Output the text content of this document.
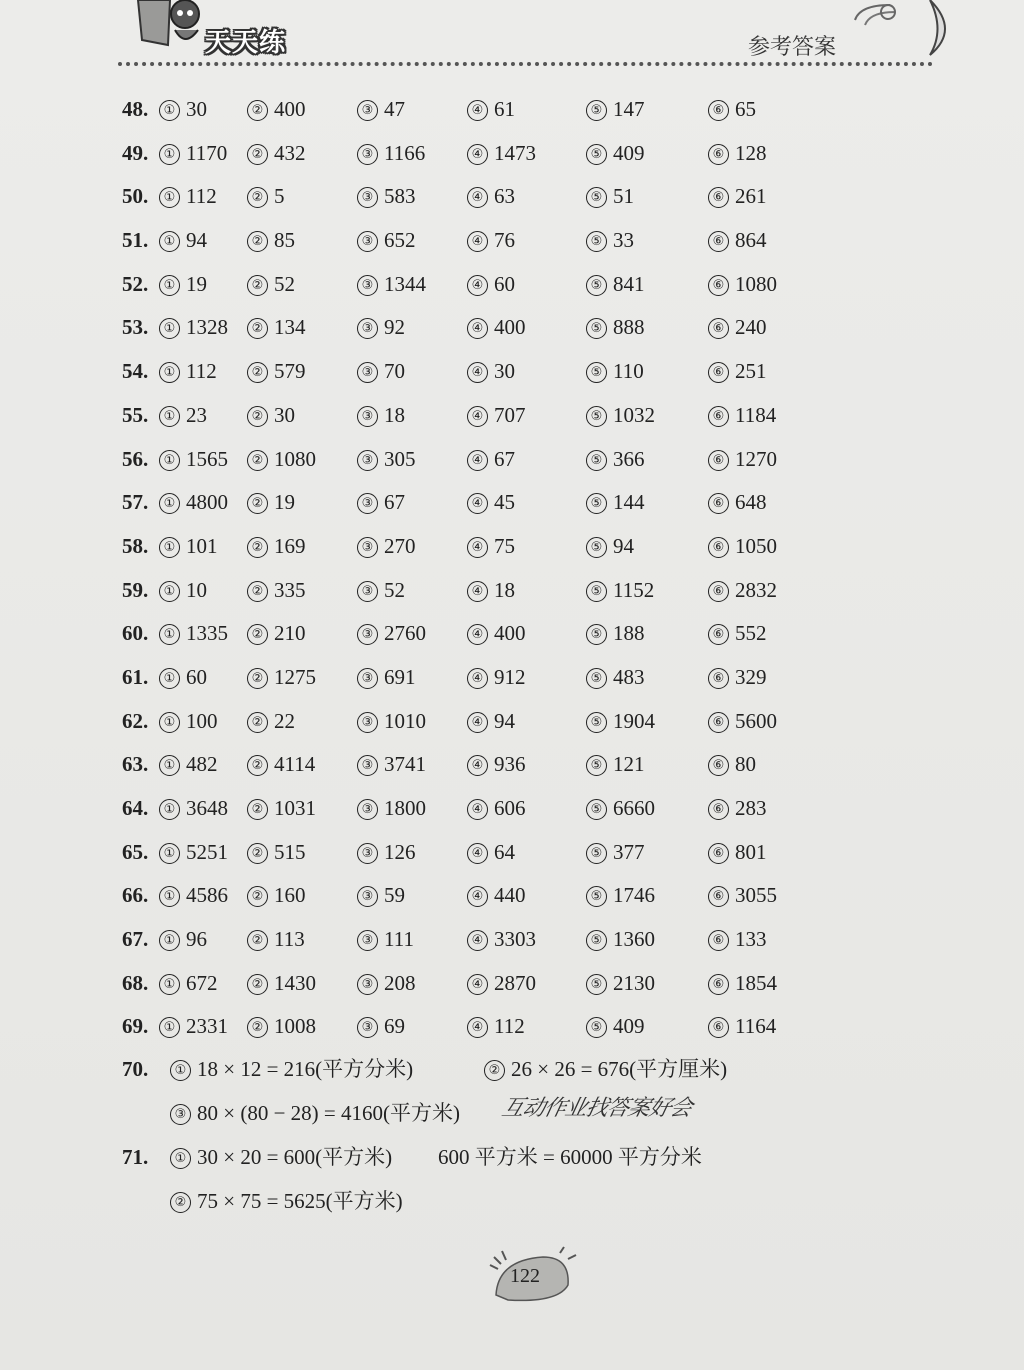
天天练	参考答案
48.	① 30	② 400	③ 47	④ 61	⑤ 147	⑥ 65
49.	① 1170	② 432	③ 1166	④ 1473	⑤ 409	⑥ 128
50.	① 112	② 5	③ 583	④ 63	⑤ 51	⑥ 261
51.	① 94	② 85	③ 652	④ 76	⑤ 33	⑥ 864
52.	① 19	② 52	③ 1344	④ 60	⑤ 841	⑥ 1080
53.	① 1328	② 134	③ 92	④ 400	⑤ 888	⑥ 240
54.	① 112	② 579	③ 70	④ 30	⑤ 110	⑥ 251
55.	① 23	② 30	③ 18	④ 707	⑤ 1032	⑥ 1184
56.	① 1565	② 1080	③ 305	④ 67	⑤ 366	⑥ 1270
57.	① 4800	② 19	③ 67	④ 45	⑤ 144	⑥ 648
58.	① 101	② 169	③ 270	④ 75	⑤ 94	⑥ 1050
59.	① 10	② 335	③ 52	④ 18	⑤ 1152	⑥ 2832
60.	① 1335	② 210	③ 2760	④ 400	⑤ 188	⑥ 552
61.	① 60	② 1275	③ 691	④ 912	⑤ 483	⑥ 329
62.	① 100	② 22	③ 1010	④ 94	⑤ 1904	⑥ 5600
63.	① 482	② 4114	③ 3741	④ 936	⑤ 121	⑥ 80
64.	① 3648	② 1031	③ 1800	④ 606	⑤ 6660	⑥ 283
65.	① 5251	② 515	③ 126	④ 64	⑤ 377	⑥ 801
66.	① 4586	② 160	③ 59	④ 440	⑤ 1746	⑥ 3055
67.	① 96	② 113	③ 111	④ 3303	⑤ 1360	⑥ 133
68.	① 672	② 1430	③ 208	④ 2870	⑤ 2130	⑥ 1854
69.	① 2331	② 1008	③ 69	④ 112	⑤ 409	⑥ 1164
70.	① 18 × 12 = 216(平方分米)	② 26 × 26 = 676(平方厘米)
③ 80 × (80 − 28) = 4160(平方米) 互动作业找答案好会
71.	① 30 × 20 = 600(平方米) 600 平方米 = 60000 平方分米
② 75 × 75 = 5625(平方米)
122
